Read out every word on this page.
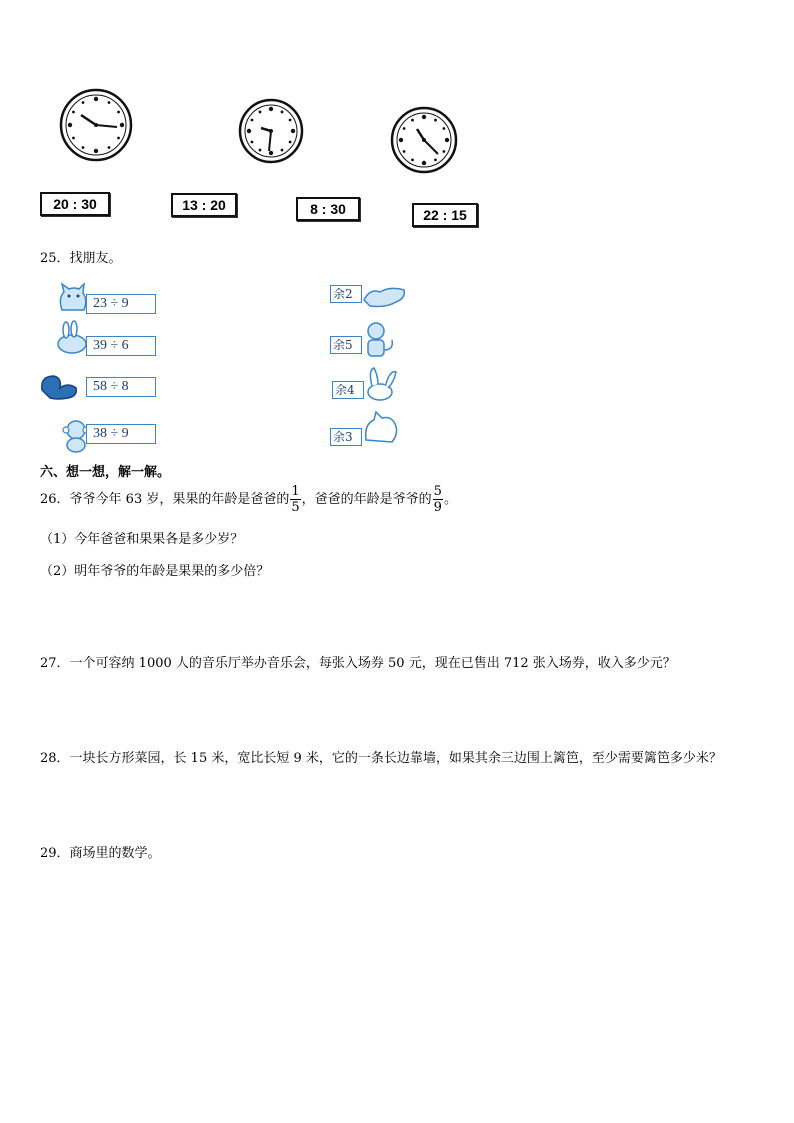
20 : 30	13 : 20	8 : 30	22 : 15
25．找朋友。
23 ÷ 9
39 ÷ 6
58 ÷ 8
38 ÷ 9
余2
余5
余4
余3
六、想一想，解一解。
26．爷爷今年 63 岁，果果的年龄是爸爸的 $\frac{1}{5}$ ，爸爸的年龄是爷爷的 $\frac{5}{9}$ 。
（1）今年爸爸和果果各是多少岁？
（2）明年爷爷的年龄是果果的多少倍？
27．一个可容纳 1000 人的音乐厅举办音乐会，每张入场券 50 元，现在已售出 712 张入场券，收入多少元？
28．一块长方形菜园，长 15 米，宽比长短 9 米，它的一条长边靠墙，如果其余三边围上篱笆，至少需要篱笆多少米？
29．商场里的数学。
